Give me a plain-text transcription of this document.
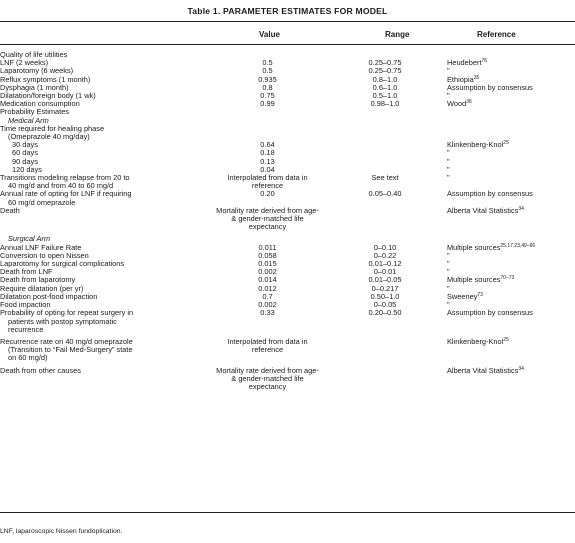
Table 1. PARAMETER ESTIMATES FOR MODEL
Value	Range	Reference
Quality of life utilities			

LNF (2 weeks)	0.5	0.25–0.75	Heudebert$^{76}$

Laparotomy (6 weeks)	0.5	0.25–0.75	"

Reflux symptoms (1 month)	0.935	0.8–1.0	Ethiopia$^{35}$

Dysphagia (1 month)	0.8	0.6–1.0	Assumption by consensus

Dilatation/foreign body (1 wk)	0.75	0.5–1.0	"

Medication consumption	0.99	0.98–1.0	Wood$^{36}$

Probability Estimates			

Medical Arm			

Time required for healing phase
(Omeprazole 40 mg/day)			

30 days	0.64		Klinkenberg-Knol$^{25}$

60 days	0.18		"

90 days	0.13		"

120 days	0.04		"

Transitions modeling relapse from 20 to
40 mg/d and from 40 to 60 mg/d	Interpolated from data in
reference	See text	"

Annual rate of opting for LNF if requiring
60 mg/d omeprazole	0.20	0.05–0.40	Assumption by consensus

Death	Mortality rate derived from age-
& gender-matched life
expectancy		Alberta Vital Statistics$^{34}$

Surgical Arm			

Annual LNF Failure Rate	0.011	0–0.10	Multiple sources$^{25,17,23,49-66}$

Conversion to open Nissen	0.058	0–0.22	"

Laparotomy for surgical complications	0.015	0.01–0.12	"

Death from LNF	0.002	0–0.01	"

Death from laparotomy	0.014	0.01–0.05	Multiple sources$^{70-73}$

Require dilatation (per yr)	0.012	0–0.217	"

Dilatation post-food impaction	0.7	0.50–1.0	Sweeney$^{73}$

Food impaction	0.002	0–0.05	"

Probability of opting for repeat surgery in
patients with postop symptomatic
recurrence	0.33	0.20–0.50	Assumption by consensus

Recurrence rate on 40 mg/d omeprazole
(Transition to “Fail Med-Surgery” state
on 60 mg/d)	Interpolated from data in
reference		Klinkenberg-Knol$^{25}$

Death from other causes	Mortality rate derived from age-
& gender-matched life
expectancy		Alberta Vital Statistics$^{34}$
LNF, laparoscopic Nissen fundoplication.
